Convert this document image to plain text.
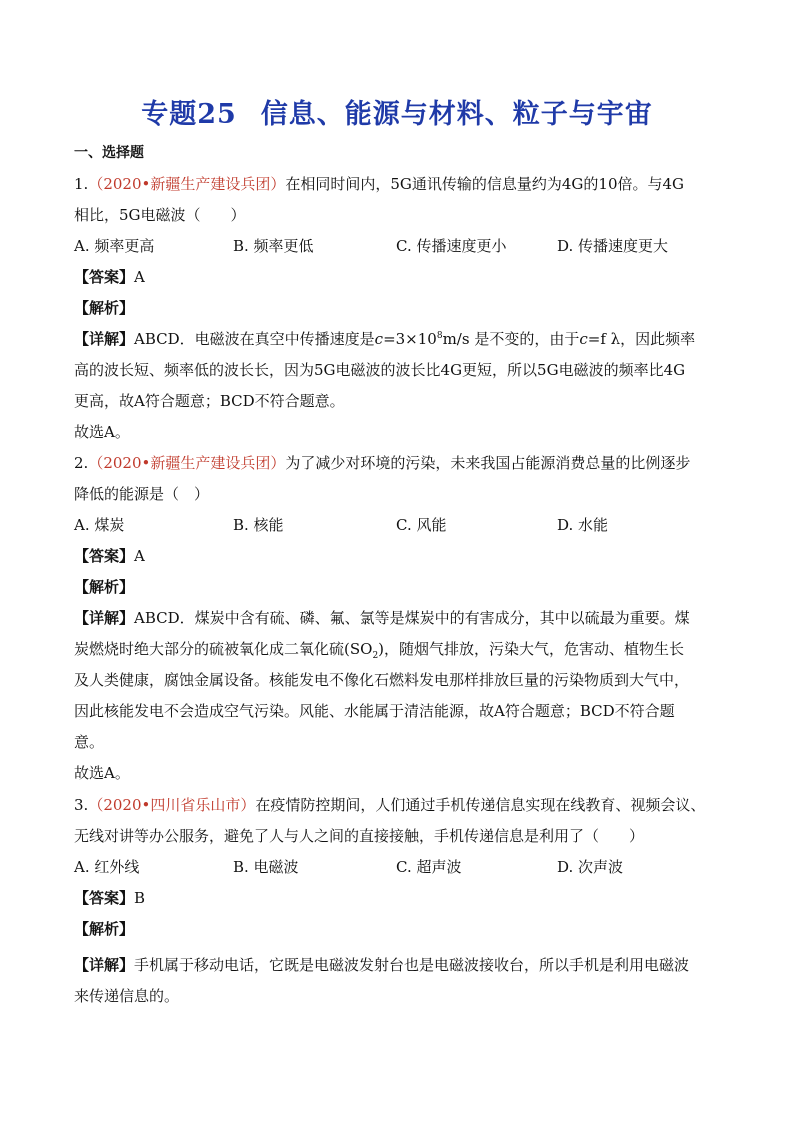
专题25 信息、能源与材料、粒子与宇宙
一、选择题
1.（2020•新疆生产建设兵团）在相同时间内，5G通讯传输的信息量约为4G的10倍。与4G
相比，5G电磁波（　　）
A. 频率更高	B. 频率更低	C. 传播速度更小	D. 传播速度更大
【答案】A
【解析】
【详解】ABCD．电磁波在真空中传播速度是$c=3\times 10^8m/s$ 是不变的，由于c=f λ，因此频率
高的波长短、频率低的波长长，因为5G电磁波的波长比4G更短，所以5G电磁波的频率比4G
更高，故A符合题意；BCD不符合题意。
故选A。
2.（2020•新疆生产建设兵团）为了减少对环境的污染，未来我国占能源消费总量的比例逐步
降低的能源是（　）
A. 煤炭	B. 核能	C. 风能	D. 水能
【答案】A
【解析】
【详解】ABCD．煤炭中含有硫、磷、氟、氯等是煤炭中的有害成分，其中以硫最为重要。煤
炭燃烧时绝大部分的硫被氧化成二氧化硫$(SO_2)$，随烟气排放，污染大气，危害动、植物生长
及人类健康，腐蚀金属设备。核能发电不像化石燃料发电那样排放巨量的污染物质到大气中，
因此核能发电不会造成空气污染。风能、水能属于清洁能源，故A符合题意；BCD不符合题
意。
故选A。
3.（2020•四川省乐山市）在疫情防控期间，人们通过手机传递信息实现在线教育、视频会议、
无线对讲等办公服务，避免了人与人之间的直接接触，手机传递信息是利用了（　　）
A. 红外线	B. 电磁波	C. 超声波	D. 次声波
【答案】B
【解析】
【详解】手机属于移动电话，它既是电磁波发射台也是电磁波接收台，所以手机是利用电磁波
来传递信息的。
